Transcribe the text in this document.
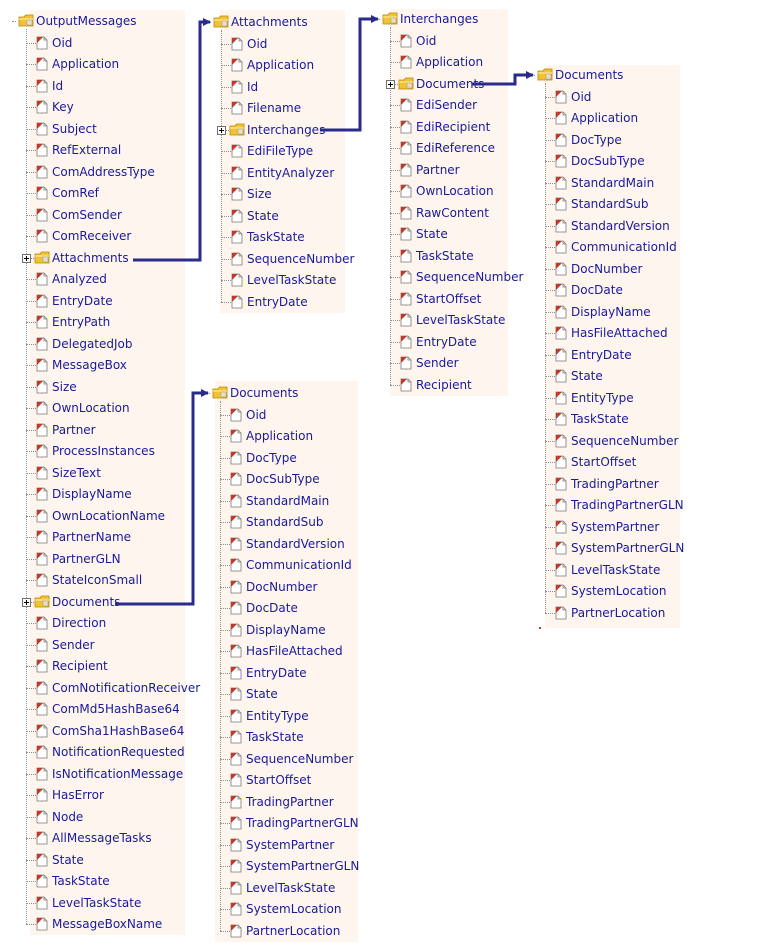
OutputMessages
Oid
Application
Id
Key
Subject
RefExternal
ComAddressType
ComRef
ComSender
ComReceiver
Attachments
Analyzed
EntryDate
EntryPath
DelegatedJob
MessageBox
Size
OwnLocation
Partner
ProcessInstances
SizeText
DisplayName
OwnLocationName
PartnerName
PartnerGLN
StateIconSmall
Documents
Direction
Sender
Recipient
ComNotificationReceiver
ComMd5HashBase64
ComSha1HashBase64
NotificationRequested
IsNotificationMessage
HasError
Node
AllMessageTasks
State
TaskState
LevelTaskState
MessageBoxName
Attachments
Oid
Application
Id
Filename
Interchanges
EdiFileType
EntityAnalyzer
Size
State
TaskState
SequenceNumber
LevelTaskState
EntryDate
Interchanges
Oid
Application
Documents
EdiSender
EdiRecipient
EdiReference
Partner
OwnLocation
RawContent
State
TaskState
SequenceNumber
StartOffset
LevelTaskState
EntryDate
Sender
Recipient
Documents
Oid
Application
DocType
DocSubType
StandardMain
StandardSub
StandardVersion
CommunicationId
DocNumber
DocDate
DisplayName
HasFileAttached
EntryDate
State
EntityType
TaskState
SequenceNumber
StartOffset
TradingPartner
TradingPartnerGLN
SystemPartner
SystemPartnerGLN
LevelTaskState
SystemLocation
PartnerLocation
Documents
Oid
Application
DocType
DocSubType
StandardMain
StandardSub
StandardVersion
CommunicationId
DocNumber
DocDate
DisplayName
HasFileAttached
EntryDate
State
EntityType
TaskState
SequenceNumber
StartOffset
TradingPartner
TradingPartnerGLN
SystemPartner
SystemPartnerGLN
LevelTaskState
SystemLocation
PartnerLocation
